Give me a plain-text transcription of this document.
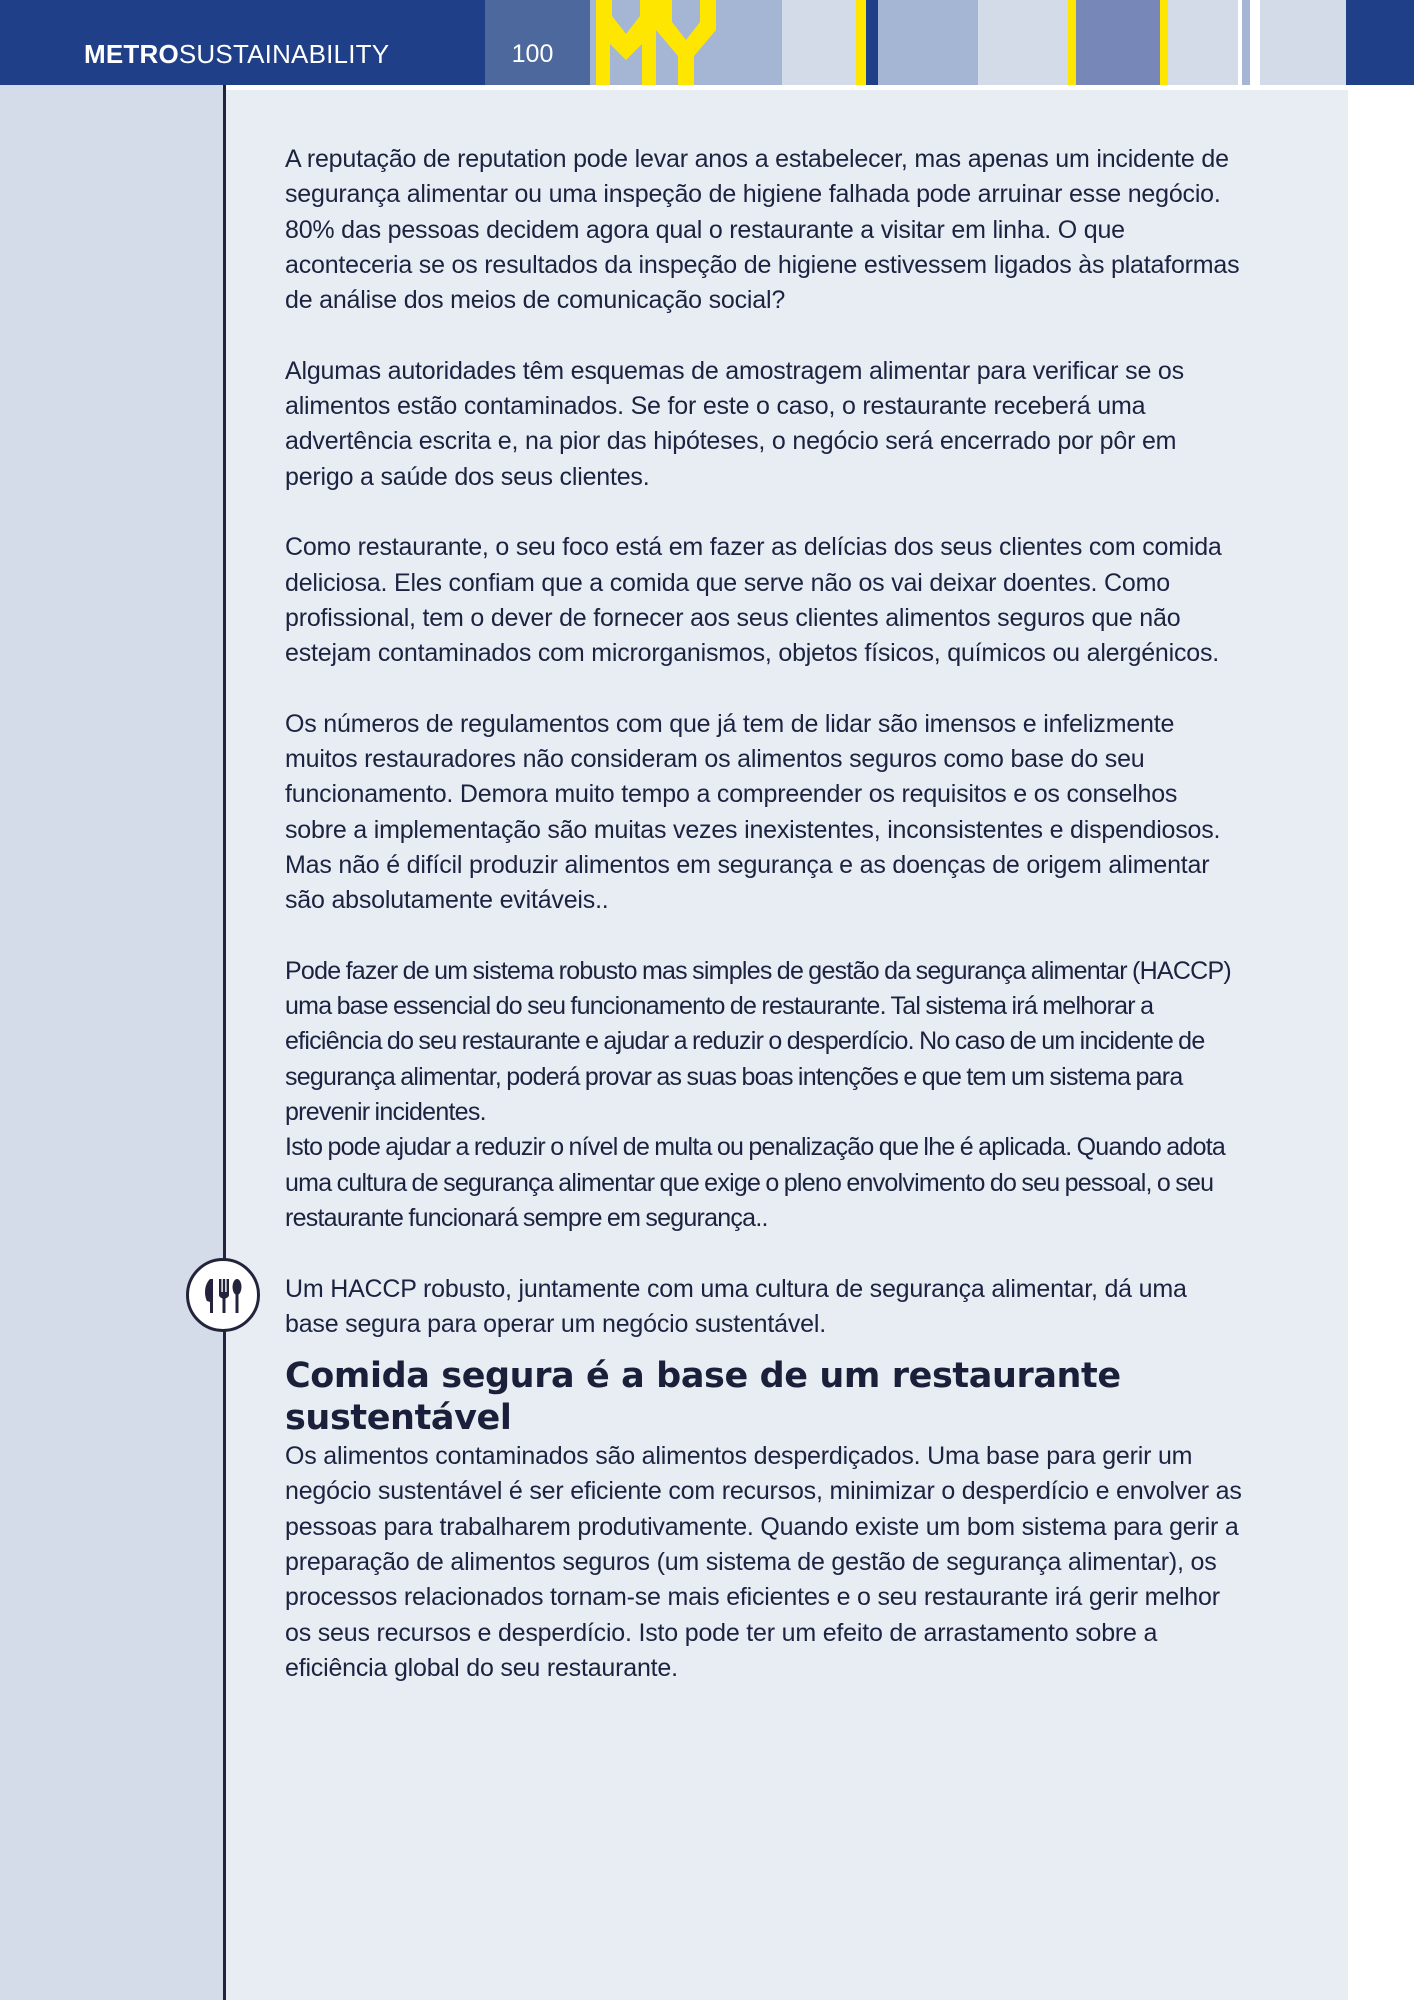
METROSUSTAINABILITY	100

A reputação de reputation pode levar anos a estabelecer, mas apenas um incidente de segurança alimentar ou uma inspeção de higiene falhada pode arruinar esse negócio. 80% das pessoas decidem agora qual o restaurante a visitar em linha. O que aconteceria se os resultados da inspeção de higiene estivessem ligados às plataformas de análise dos meios de comunicação social?

Algumas autoridades têm esquemas de amostragem alimentar para verificar se os alimentos estão contaminados. Se for este o caso, o restaurante receberá uma advertência escrita e, na pior das hipóteses, o negócio será encerrado por pôr em perigo a saúde dos seus clientes.

Como restaurante, o seu foco está em fazer as delícias dos seus clientes com comida deliciosa. Eles confiam que a comida que serve não os vai deixar doentes. Como profissional, tem o dever de fornecer aos seus clientes alimentos seguros que não estejam contaminados com microrganismos, objetos físicos, químicos ou alergénicos.

Os números de regulamentos com que já tem de lidar são imensos e infelizmente muitos restauradores não consideram os alimentos seguros como base do seu funcionamento. Demora muito tempo a compreender os requisitos e os conselhos sobre a implementação são muitas vezes inexistentes, inconsistentes e dispendiosos. Mas não é difícil produzir alimentos em segurança e as doenças de origem alimentar são absolutamente evitáveis..

Pode fazer de um sistema robusto mas simples de gestão da segurança alimentar (HACCP) uma base essencial do seu funcionamento de restaurante. Tal sistema irá melhorar a eficiência do seu restaurante e ajudar a reduzir o desperdício. No caso de um incidente de segurança alimentar, poderá provar as suas boas intenções e que tem um sistema para prevenir incidentes.

Isto pode ajudar a reduzir o nível de multa ou penalização que lhe é aplicada. Quando adota uma cultura de segurança alimentar que exige o pleno envolvimento do seu pessoal, o seu restaurante funcionará sempre em segurança..

Um HACCP robusto, juntamente com uma cultura de segurança alimentar, dá uma base segura para operar um negócio sustentável.

Comida segura é a base de um restaurante sustentável

Os alimentos contaminados são alimentos desperdiçados. Uma base para gerir um negócio sustentável é ser eficiente com recursos, minimizar o desperdício e envolver as pessoas para trabalharem produtivamente. Quando existe um bom sistema para gerir a preparação de alimentos seguros (um sistema de gestão de segurança alimentar), os processos relacionados tornam-se mais eficientes e o seu restaurante irá gerir melhor os seus recursos e desperdício. Isto pode ter um efeito de arrastamento sobre a eficiência global do seu restaurante.
